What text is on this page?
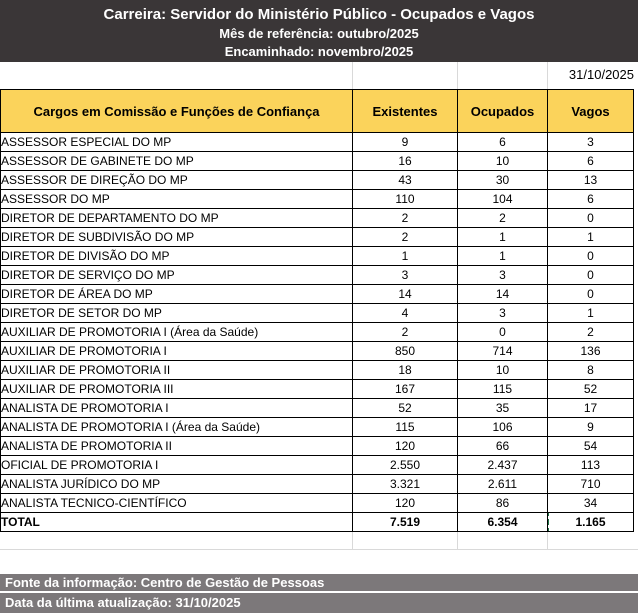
Carreira: Servidor do Ministério Público - Ocupados e Vagos
Mês de referência: outubro/2025
Encaminhado: novembro/2025
31/10/2025
Cargos em Comissão e Funções de Confiança	Existentes	Ocupados	Vagos
ASSESSOR ESPECIAL DO MP	9	6	3
ASSESSOR DE GABINETE DO MP	16	10	6
ASSESSOR DE DIREÇÃO DO MP	43	30	13
ASSESSOR DO MP	110	104	6
DIRETOR DE DEPARTAMENTO DO MP	2	2	0
DIRETOR DE SUBDIVISÃO DO MP	2	1	1
DIRETOR DE DIVISÃO DO MP	1	1	0
DIRETOR DE SERVIÇO DO MP	3	3	0
DIRETOR DE ÁREA DO MP	14	14	0
DIRETOR DE SETOR DO MP	4	3	1
AUXILIAR DE PROMOTORIA I (Área da Saúde)	2	0	2
AUXILIAR DE PROMOTORIA I	850	714	136
AUXILIAR DE PROMOTORIA II	18	10	8
AUXILIAR DE PROMOTORIA III	167	115	52
ANALISTA DE PROMOTORIA I	52	35	17
ANALISTA DE PROMOTORIA I (Área da Saúde)	115	106	9
ANALISTA DE PROMOTORIA II	120	66	54
OFICIAL DE PROMOTORIA I	2.550	2.437	113
ANALISTA JURÍDICO DO MP	3.321	2.611	710
ANALISTA TECNICO-CIENTÍFICO	120	86	34
TOTAL	7.519	6.354	1.165
Fonte da informação: Centro de Gestão de Pessoas
Data da última atualização: 31/10/2025
